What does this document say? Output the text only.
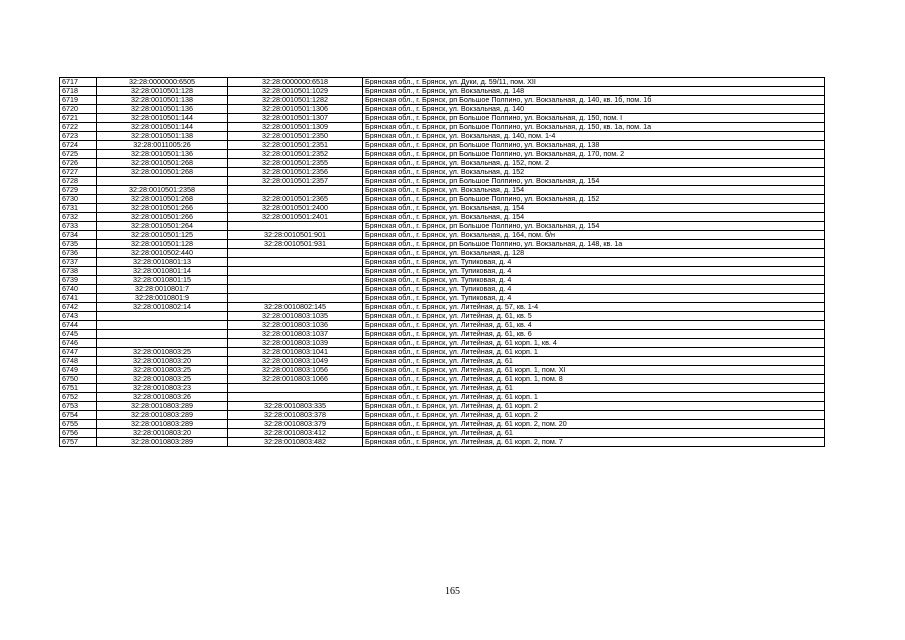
6717	32:28:0000000:6505	32:28:0000000:6518	Брянская обл., г. Брянск, ул. Дуки, д. 59/11, пом. XII
6718	32:28:0010501:128	32:28:0010501:1029	Брянская обл., г. Брянск, ул. Вокзальная, д. 148
6719	32:28:0010501:138	32:28:0010501:1282	Брянская обл., г. Брянск, рп Большое Полпино, ул. Вокзальная, д. 140, кв. 1б, пом. 1б
6720	32:28:0010501:136	32:28:0010501:1306	Брянская обл., г. Брянск, ул. Вокзальная, д. 140
6721	32:28:0010501:144	32:28:0010501:1307	Брянская обл., г. Брянск, рп Большое Полпино, ул. Вокзальная, д. 150, пом. I
6722	32:28:0010501:144	32:28:0010501:1309	Брянская обл., г. Брянск, рп Большое Полпино, ул. Вокзальная, д. 150, кв. 1а, пом. 1а
6723	32:28:0010501:138	32:28:0010501:2350	Брянская обл., г. Брянск, ул. Вокзальная, д. 140, пом. 1-4
6724	32:28:0011005:26	32:28:0010501:2351	Брянская обл., г. Брянск, рп Большое Полпино, ул. Вокзальная, д. 138
6725	32:28:0010501:136	32:28:0010501:2352	Брянская обл., г. Брянск, рп Большое Полпино, ул. Вокзальная, д. 170, пом. 2
6726	32:28:0010501:268	32:28:0010501:2355	Брянская обл., г. Брянск, ул. Вокзальная, д. 152, пом. 2
6727	32:28:0010501:268	32:28:0010501:2356	Брянская обл., г. Брянск, ул. Вокзальная, д. 152
6728		32:28:0010501:2357	Брянская обл., г. Брянск, рп Большое Полпино, ул. Вокзальная, д. 154
6729	32:28:0010501:2358		Брянская обл., г. Брянск, ул. Вокзальная, д. 154
6730	32:28:0010501:268	32:28:0010501:2365	Брянская обл., г. Брянск, рп Большое Полпино, ул. Вокзальная, д. 152
6731	32:28:0010501:266	32:28:0010501:2400	Брянская обл., г. Брянск, ул. Вокзальная, д. 154
6732	32:28:0010501:266	32:28:0010501:2401	Брянская обл., г. Брянск, ул. Вокзальная, д. 154
6733	32:28:0010501:264		Брянская обл., г. Брянск, рп Большое Полпино, ул. Вокзальная, д. 154
6734	32:28:0010501:125	32:28:0010501:901	Брянская обл., г. Брянск, ул. Вокзальная, д. 164, пом. б/н
6735	32:28:0010501:128	32:28:0010501:931	Брянская обл., г. Брянск, рп Большое Полпино, ул. Вокзальная, д. 148, кв. 1а
6736	32:28:0010502:440		Брянская обл., г. Брянск, ул. Вокзальная, д. 128
6737	32:28:0010801:13		Брянская обл., г. Брянск, ул. Тупиковая, д. 4
6738	32:28:0010801:14		Брянская обл., г. Брянск, ул. Тупиковая, д. 4
6739	32:28:0010801:15		Брянская обл., г. Брянск, ул. Тупиковая, д. 4
6740	32:28:0010801:7		Брянская обл., г. Брянск, ул. Тупиковая, д. 4
6741	32:28:0010801:9		Брянская обл., г. Брянск, ул. Тупиковая, д. 4
6742	32:28:0010802:14	32:28:0010802:145	Брянская обл., г. Брянск, ул. Литейная, д. 57, кв. 1-4
6743		32:28:0010803:1035	Брянская обл., г. Брянск, ул. Литейная, д. 61, кв. 5
6744		32:28:0010803:1036	Брянская обл., г. Брянск, ул. Литейная, д. 61, кв. 4
6745		32:28:0010803:1037	Брянская обл., г. Брянск, ул. Литейная, д. 61, кв. 6
6746		32:28:0010803:1039	Брянская обл., г. Брянск, ул. Литейная, д. 61 корп. 1, кв. 4
6747	32:28:0010803:25	32:28:0010803:1041	Брянская обл., г. Брянск, ул. Литейная, д. 61 корп. 1
6748	32:28:0010803:20	32:28:0010803:1049	Брянская обл., г. Брянск, ул. Литейная, д. 61
6749	32:28:0010803:25	32:28:0010803:1056	Брянская обл., г. Брянск, ул. Литейная, д. 61 корп. 1, пом. XI
6750	32:28:0010803:25	32:28:0010803:1066	Брянская обл., г. Брянск, ул. Литейная, д. 61 корп. 1, пом. 8
6751	32:28:0010803:23		Брянская обл., г. Брянск, ул. Литейная, д. 61
6752	32:28:0010803:26		Брянская обл., г. Брянск, ул. Литейная, д. 61 корп. 1
6753	32:28:0010803:289	32:28:0010803:335	Брянская обл., г. Брянск, ул. Литейная, д. 61 корп. 2
6754	32:28:0010803:289	32:28:0010803:378	Брянская обл., г. Брянск, ул. Литейная, д. 61 корп. 2
6755	32:28:0010803:289	32:28:0010803:379	Брянская обл., г. Брянск, ул. Литейная, д. 61 корп. 2, пом. 20
6756	32:28:0010803:20	32:28:0010803:412	Брянская обл., г. Брянск, ул. Литейная, д. 61
6757	32:28:0010803:289	32:28:0010803:482	Брянская обл., г. Брянск, ул. Литейная, д. 61 корп. 2, пом. 7
165
